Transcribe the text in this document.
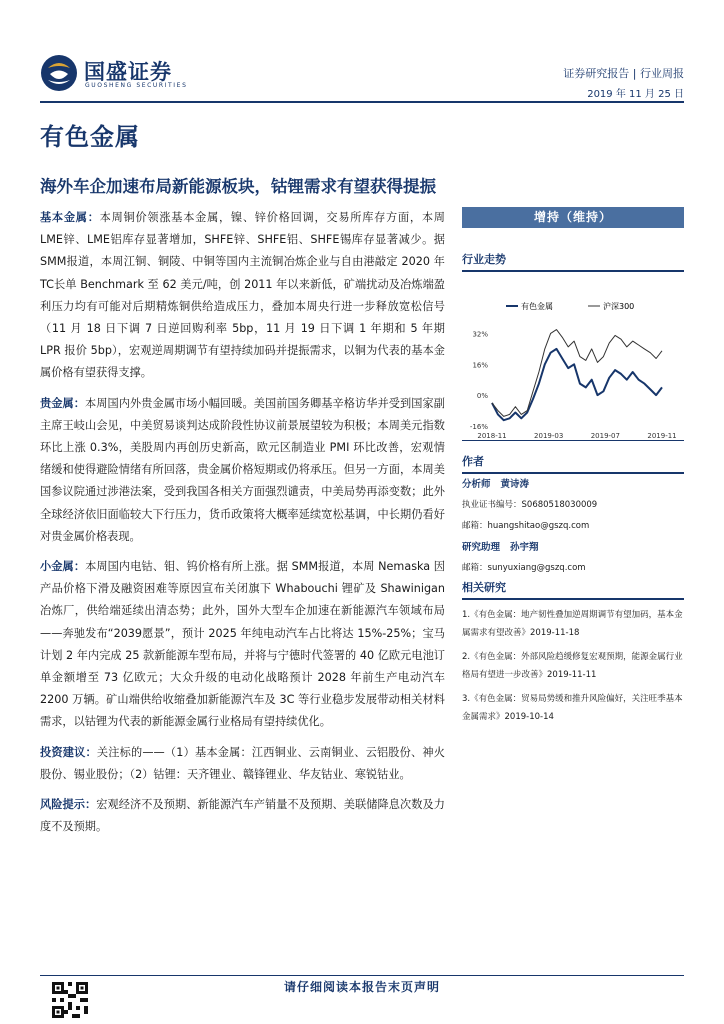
国盛证券
GUOSHENG SECURITIES
证券研究报告 | 行业周报
2019 年 11 月 25 日
有色金属
海外车企加速布局新能源板块，钴锂需求有望获得提振

基本金属：本周铜价领涨基本金属，镍、锌价格回调，交易所库存方面，本周 LME锌、LME铝库存显著增加，SHFE锌、SHFE铝、SHFE锡库存显著减少。据 SMM报道，本周江铜、铜陵、中铜等国内主流铜冶炼企业与自由港敲定 2020 年 TC长单 Benchmark 至 62 美元/吨，创 2011 年以来新低，矿端扰动及冶炼端盈利压力均有可能对后期精炼铜供给造成压力，叠加本周央行进一步释放宽松信号（11 月 18 日下调 7 日逆回购利率 5bp，11 月 19 日下调 1 年期和 5 年期 LPR 报价 5bp），宏观逆周期调节有望持续加码并提振需求，以铜为代表的基本金属价格有望获得支撑。

贵金属：本周国内外贵金属市场小幅回暖。美国前国务卿基辛格访华并受到国家副主席王岐山会见，中美贸易谈判达成阶段性协议前景展望较为积极；本周美元指数环比上涨 0.3%，美股周内再创历史新高，欧元区制造业 PMI 环比改善，宏观情绪缓和使得避险情绪有所回落，贵金属价格短期或仍将承压。但另一方面，本周美国参议院通过涉港法案，受到我国各相关方面强烈谴责，中美局势再添变数；此外全球经济依旧面临较大下行压力，货币政策将大概率延续宽松基调，中长期仍看好对贵金属价格表现。

小金属：本周国内电钴、钼、钨价格有所上涨。据 SMM报道，本周 Nemaska 因产品价格下滑及融资困难等原因宣布关闭旗下 Whabouchi 锂矿及 Shawinigan 冶炼厂，供给端延续出清态势；此外，国外大型车企加速在新能源汽车领域布局——奔驰发布“2039愿景”，预计 2025 年纯电动汽车占比将达 15%-25%；宝马计划 2 年内完成 25 款新能源车型布局，并将与宁德时代签署的 40 亿欧元电池订单金额增至 73 亿欧元；大众升级的电动化战略预计 2028 年前生产电动汽车 2200 万辆。矿山端供给收缩叠加新能源汽车及 3C 等行业稳步发展带动相关材料需求，以钴锂为代表的新能源金属行业格局有望持续优化。

投资建议：关注标的——（1）基本金属：江西铜业、云南铜业、云铝股份、神火股份、锡业股份；（2）钴锂：天齐锂业、赣锋锂业、华友钴业、寒锐钴业。

风险提示：宏观经济不及预期、新能源汽车产销量不及预期、美联储降息次数及力度不及预期。

增持（维持）
行业走势
有色金属	沪深300
32%
16%
0%
-16%
2018-11	2019-03	2019-07	2019-11
作者
分析师 黄诗涛
执业证书编号：S0680518030009
邮箱：huangshitao@gszq.com
研究助理 孙宇翔
邮箱：sunyuxiang@gszq.com
相关研究
1.《有色金属：地产韧性叠加逆周期调节有望加码，基本金属需求有望改善》2019-11-18
2.《有色金属：外部风险趋缓修复宏观预期，能源金属行业格局有望进一步改善》2019-11-11
3.《有色金属：贸易局势缓和推升风险偏好，关注旺季基本金属需求》2019-10-14
请仔细阅读本报告末页声明
